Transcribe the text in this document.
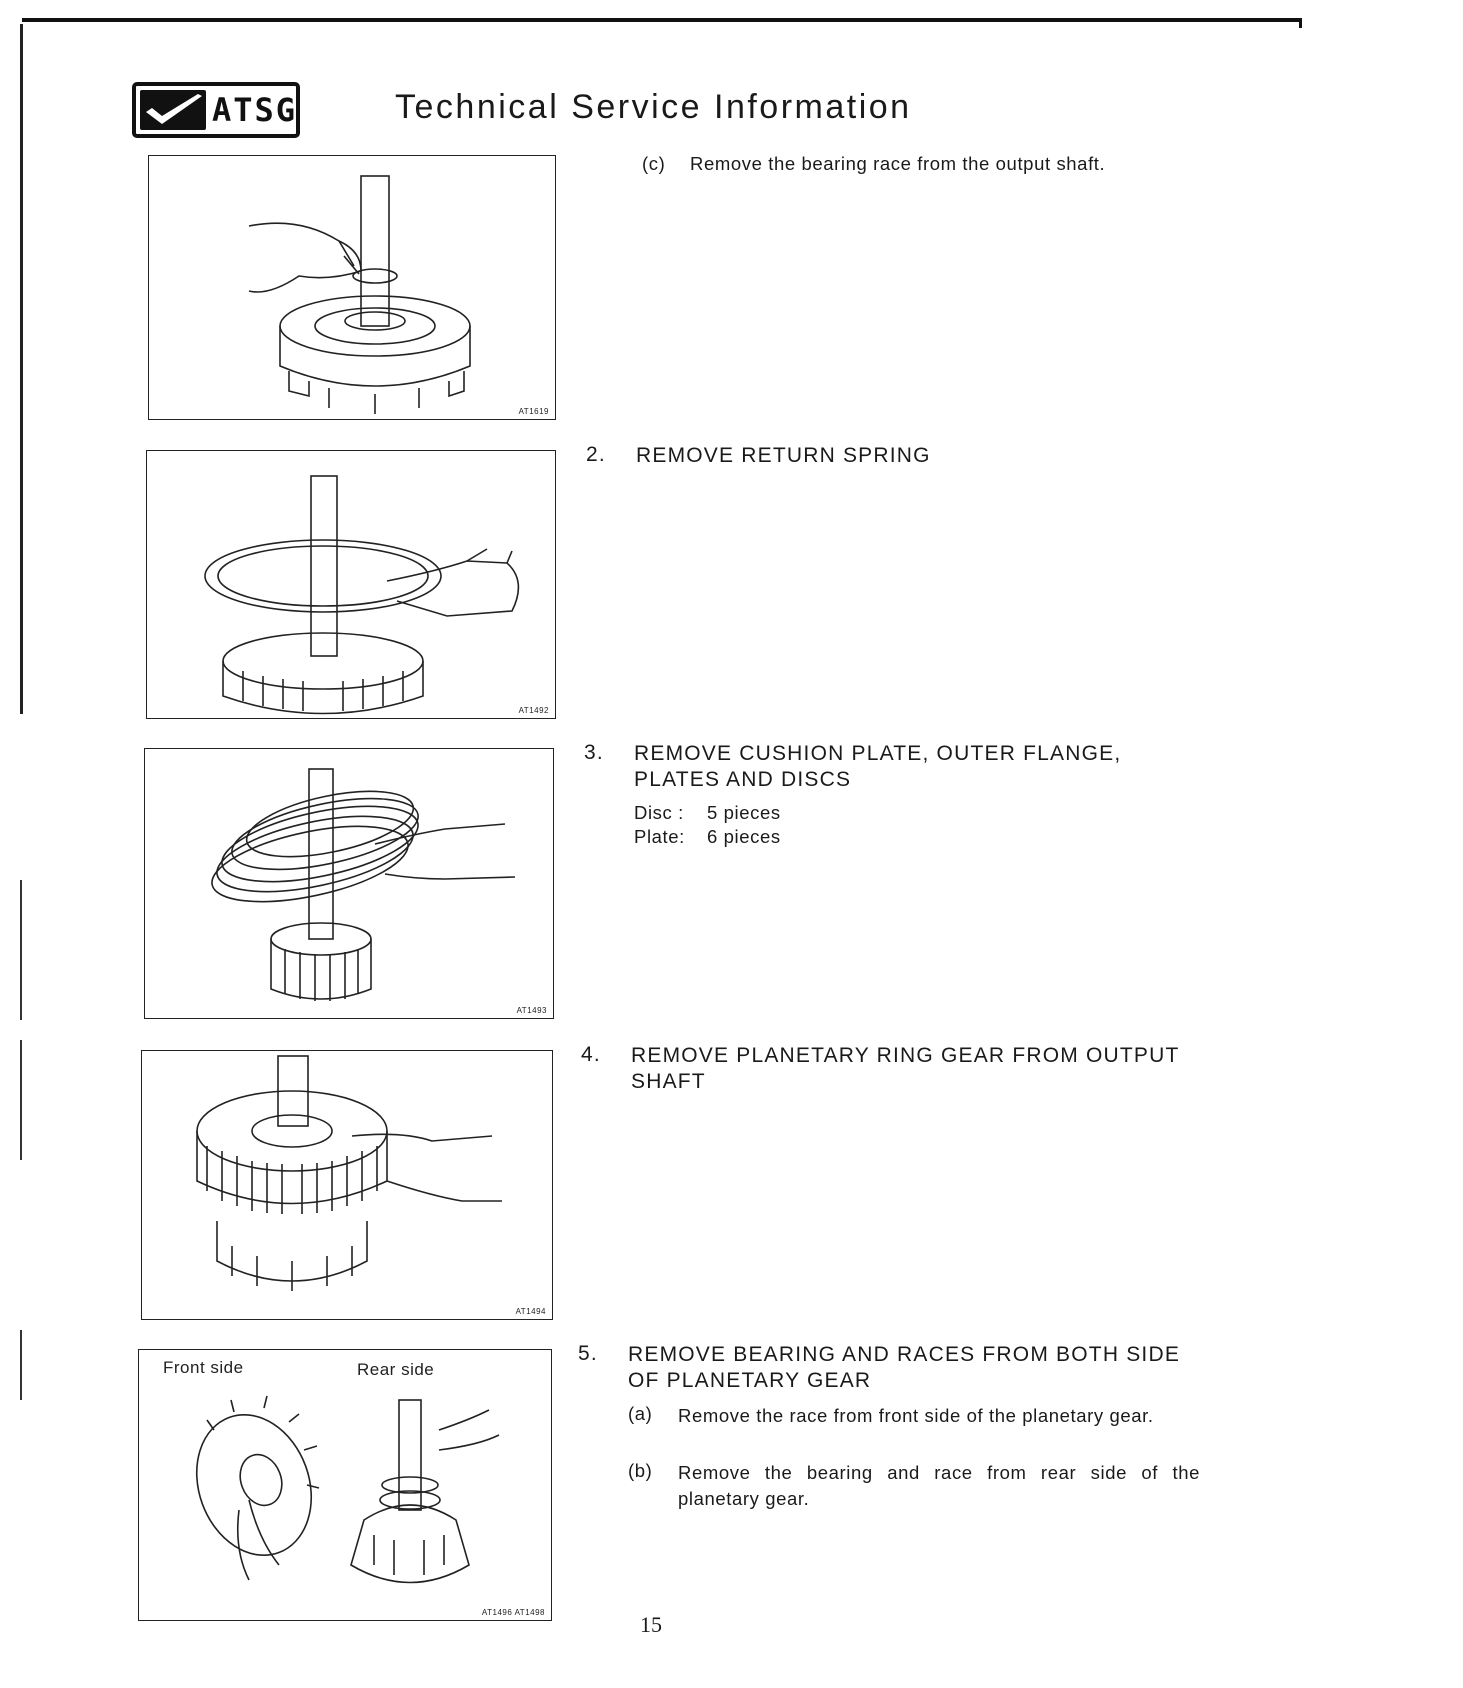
ATSG	Technical Service Information
AT1619
AT1492
AT1493
AT1494
Front side	Rear side
AT1496 AT1498
(c) Remove the bearing race from the output shaft.
2. REMOVE RETURN SPRING
3. REMOVE CUSHION PLATE, OUTER FLANGE, PLATES AND DISCS
Disc : 5 pieces
Plate: 6 pieces
4. REMOVE PLANETARY RING GEAR FROM OUTPUT SHAFT
5. REMOVE BEARING AND RACES FROM BOTH SIDE OF PLANETARY GEAR
(a) Remove the race from front side of the planetary gear.
(b) Remove the bearing and race from rear side of the planetary gear.
15
